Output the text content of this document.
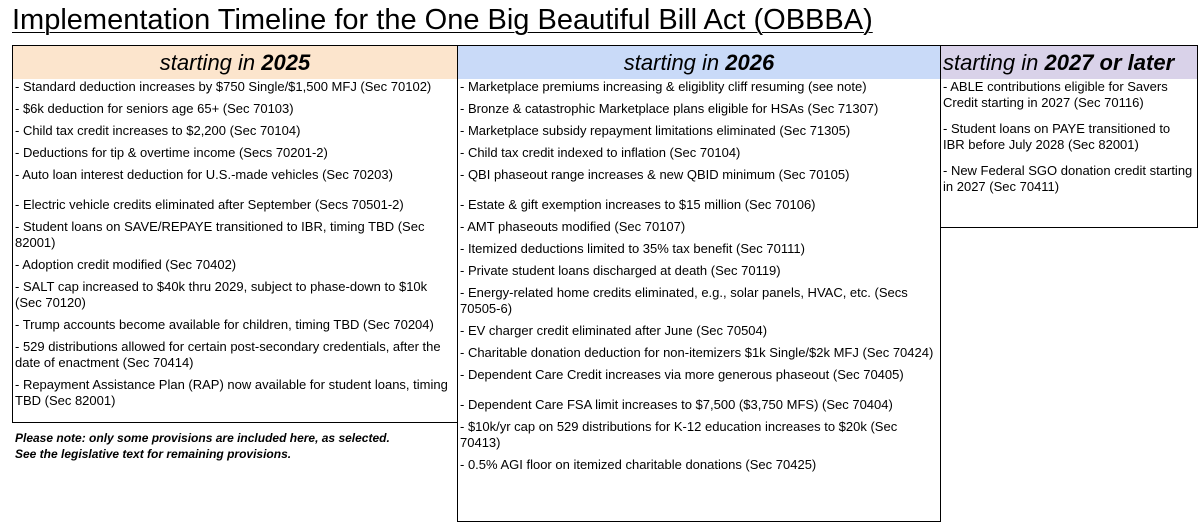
Implementation Timeline for the One Big Beautiful Bill Act (OBBBA)
starting in 2025
- Standard deduction increases by $750 Single/$1,500 MFJ (Sec 70102)
- $6k deduction for seniors age 65+ (Sec 70103)
- Child tax credit increases to $2,200 (Sec 70104)
- Deductions for tip & overtime income (Secs 70201-2)
- Auto loan interest deduction for U.S.-made vehicles (Sec 70203)
- Electric vehicle credits eliminated after September (Secs 70501-2)
- Student loans on SAVE/REPAYE transitioned to IBR, timing TBD (Sec 82001)
- Adoption credit modified (Sec 70402)
- SALT cap increased to $40k thru 2029, subject to phase-down to $10k (Sec 70120)
- Trump accounts become available for children, timing TBD (Sec 70204)
- 529 distributions allowed for certain post-secondary credentials, after the date of enactment (Sec 70414)
- Repayment Assistance Plan (RAP) now available for student loans, timing TBD (Sec 82001)
starting in 2026
- Marketplace premiums increasing & eligiblity cliff resuming (see note)
- Bronze & catastrophic Marketplace plans eligible for HSAs (Sec 71307)
- Marketplace subsidy repayment limitations eliminated (Sec 71305)
- Child tax credit indexed to inflation (Sec 70104)
- QBI phaseout range increases & new QBID minimum (Sec 70105)
- Estate & gift exemption increases to $15 million (Sec 70106)
- AMT phaseouts modified (Sec 70107)
- Itemized deductions limited to 35% tax benefit (Sec 70111)
- Private student loans discharged at death (Sec 70119)
- Energy-related home credits eliminated, e.g., solar panels, HVAC, etc. (Secs 70505-6)
- EV charger credit eliminated after June (Sec 70504)
- Charitable donation deduction for non-itemizers $1k Single/$2k MFJ (Sec 70424)
- Dependent Care Credit increases via more generous phaseout (Sec 70405)
- Dependent Care FSA limit increases to $7,500 ($3,750 MFS) (Sec 70404)
- $10k/yr cap on 529 distributions for K-12 education increases to $20k (Sec 70413)
- 0.5% AGI floor on itemized charitable donations (Sec 70425)
starting in 2027 or later
- ABLE contributions eligible for Savers Credit starting in 2027 (Sec 70116)
- Student loans on PAYE transitioned to IBR before July 2028 (Sec 82001)
- New Federal SGO donation credit starting in 2027 (Sec 70411)
Please note: only some provisions are included here, as selected.
See the legislative text for remaining provisions.
